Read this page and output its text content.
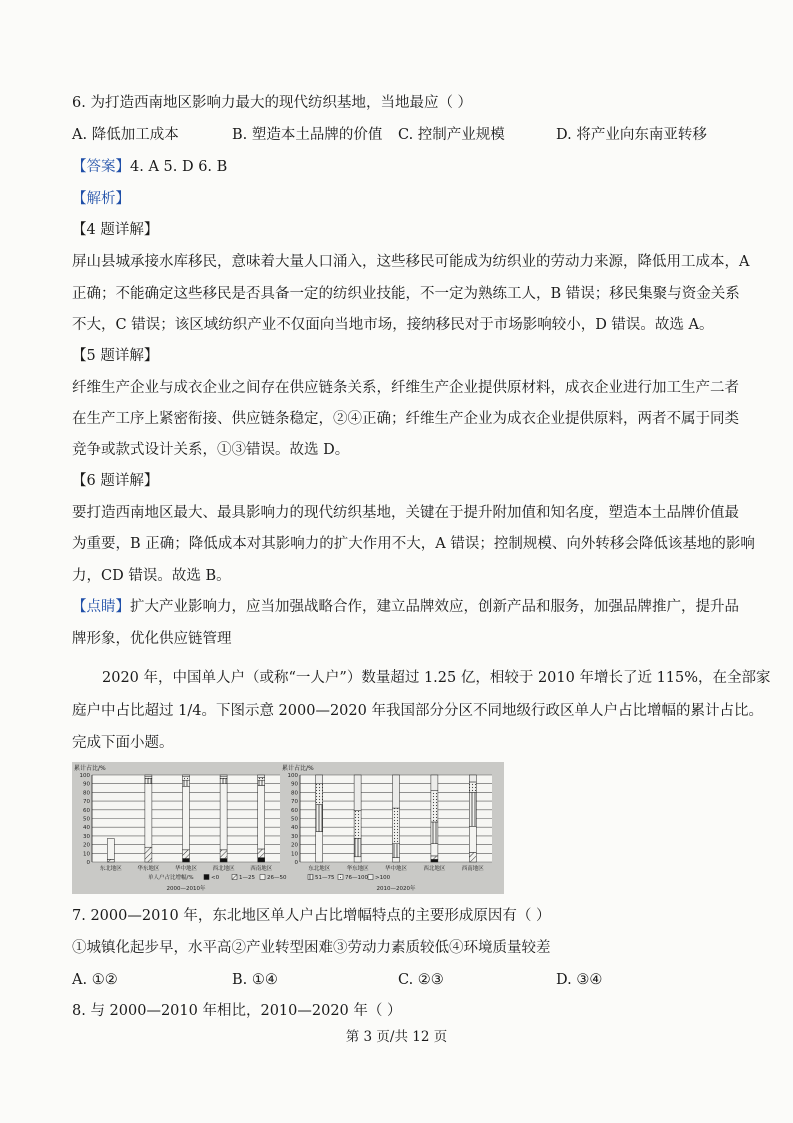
6. 为打造西南地区影响力最大的现代纺织基地，当地最应（ ）
A. 降低加工成本	B. 塑造本土品牌的价值 C. 控制产业规模	D. 将产业向东南亚转移
【答案】4. A 5. D 6. B
【解析】
【4 题详解】
屏山县城承接水库移民，意味着大量人口涌入，这些移民可能成为纺织业的劳动力来源，降低用工成本，A
正确；不能确定这些移民是否具备一定的纺织业技能，不一定为熟练工人，B 错误；移民集聚与资金关系
不大，C 错误；该区域纺织产业不仅面向当地市场，接纳移民对于市场影响较小，D 错误。故选 A。
【5 题详解】
纤维生产企业与成衣企业之间存在供应链条关系，纤维生产企业提供原材料，成衣企业进行加工生产二者
在生产工序上紧密衔接、供应链条稳定，②④正确；纤维生产企业为成衣企业提供原料，两者不属于同类
竞争或款式设计关系，①③错误。故选 D。
【6 题详解】
要打造西南地区最大、最具影响力的现代纺织基地，关键在于提升附加值和知名度，塑造本土品牌价值最
为重要，B 正确；降低成本对其影响力的扩大作用不大，A 错误；控制规模、向外转移会降低该基地的影响
力，CD 错误。故选 B。
【点睛】扩大产业影响力，应当加强战略合作，建立品牌效应，创新产品和服务，加强品牌推广，提升品
牌形象，优化供应链管理
2020 年，中国单人户（或称“一人户”）数量超过 1.25 亿，相较于 2010 年增长了近 115%，在全部家
庭户中占比超过 1/4。下图示意 2000—2020 年我国部分分区不同地级行政区单人户占比增幅的累计占比。
完成下面小题。
0
10
20
30
40
50
60
70
80
90
100
累计占比/%
东北地区	华东地区	华中地区	西北地区	西南地区
2000—2010年
0
10
20
30
40
50
60
70
80
90
100
累计占比/%
东北地区	华东地区	华中地区	西北地区	西南地区
2010—2020年
单人户占比增幅/%	<0	1—25 26—50	51—75 76—100 >100
7. 2000—2010 年，东北地区单人户占比增幅特点的主要形成原因有（ ）
①城镇化起步早，水平高②产业转型困难③劳动力素质较低④环境质量较差
A. ①②	B. ①④	C. ②③	D. ③④
8. 与 2000—2010 年相比，2010—2020 年（ ）
第 3 页/共 12 页
